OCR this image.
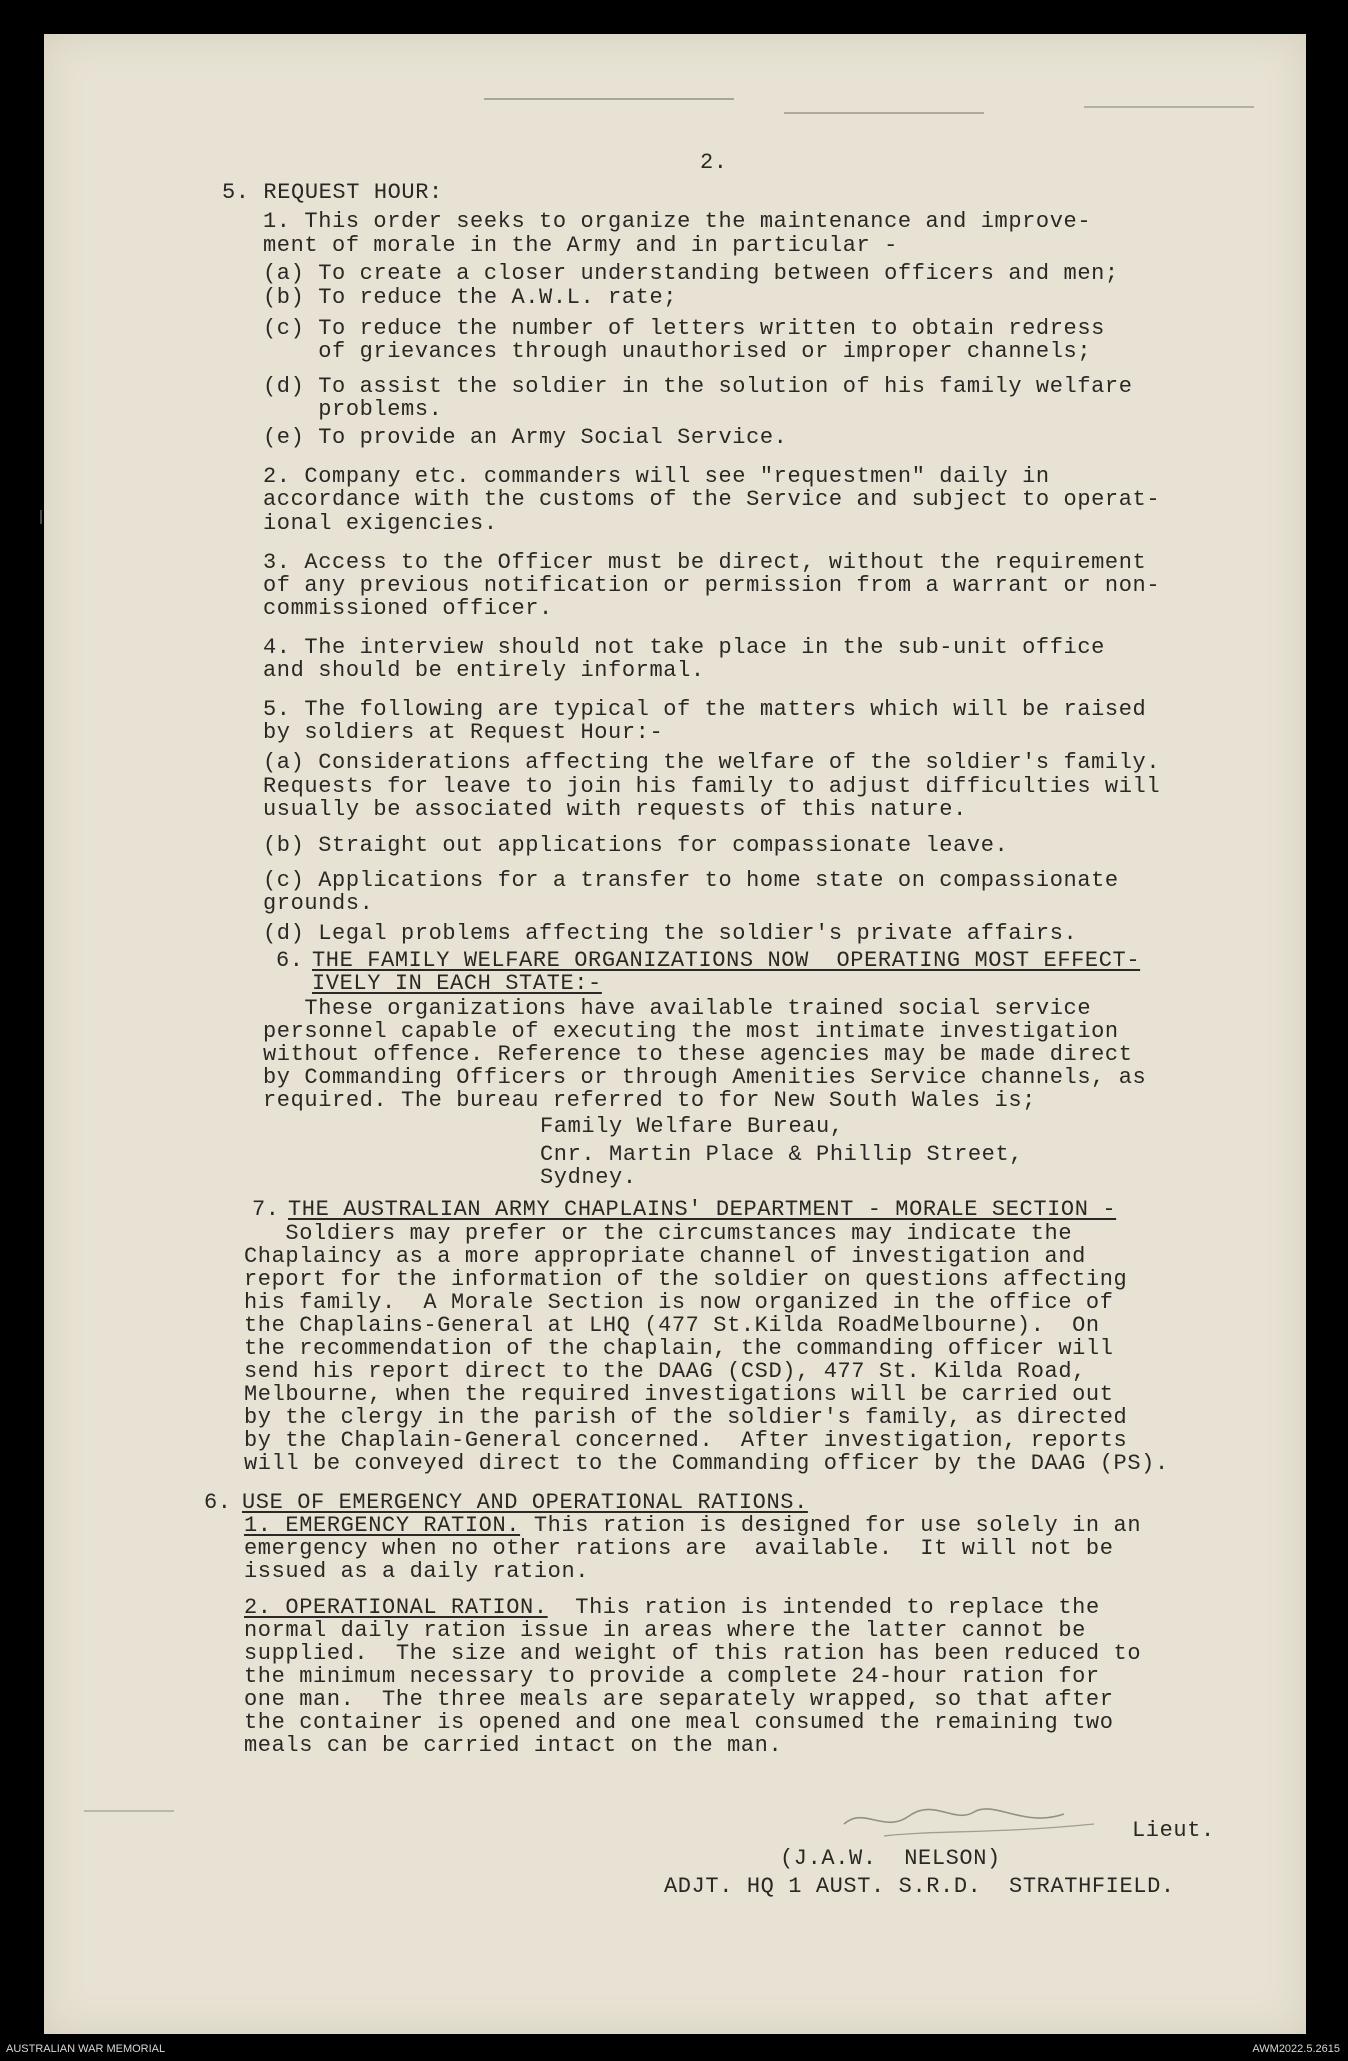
2.
5. REQUEST HOUR:
1. This order seeks to organize the maintenance and improve-
ment of morale in the Army and in particular -
(a) To create a closer understanding between officers and men;
(b) To reduce the A.W.L. rate;
(c) To reduce the number of letters written to obtain redress
of grievances through unauthorised or improper channels;
(d) To assist the soldier in the solution of his family welfare
problems.
(e) To provide an Army Social Service.
2. Company etc. commanders will see "requestmen" daily in
accordance with the customs of the Service and subject to operat-
ional exigencies.
3. Access to the Officer must be direct, without the requirement
of any previous notification or permission from a warrant or non-
commissioned officer.
4. The interview should not take place in the sub-unit office
and should be entirely informal.
5. The following are typical of the matters which will be raised
by soldiers at Request Hour:-
(a) Considerations affecting the welfare of the soldier's family.
Requests for leave to join his family to adjust difficulties will
usually be associated with requests of this nature.
(b) Straight out applications for compassionate leave.
(c) Applications for a transfer to home state on compassionate
grounds.
(d) Legal problems affecting the soldier's private affairs.
6. THE FAMILY WELFARE ORGANIZATIONS NOW  OPERATING MOST EFFECT-
IVELY IN EACH STATE:-
These organizations have available trained social service
personnel capable of executing the most intimate investigation
without offence. Reference to these agencies may be made direct
by Commanding Officers or through Amenities Service channels, as
required. The bureau referred to for New South Wales is;
Family Welfare Bureau,
Cnr. Martin Place & Phillip Street,
Sydney.
7. THE AUSTRALIAN ARMY CHAPLAINS' DEPARTMENT - MORALE SECTION -
Soldiers may prefer or the circumstances may indicate the
Chaplaincy as a more appropriate channel of investigation and
report for the information of the soldier on questions affecting
his family.  A Morale Section is now organized in the office of
the Chaplains-General at LHQ (477 St.Kilda RoadMelbourne).  On
the recommendation of the chaplain, the commanding officer will
send his report direct to the DAAG (CSD), 477 St. Kilda Road,
Melbourne, when the required investigations will be carried out
by the clergy in the parish of the soldier's family, as directed
by the Chaplain-General concerned.  After investigation, reports
will be conveyed direct to the Commanding officer by the DAAG (PS).
6. USE OF EMERGENCY AND OPERATIONAL RATIONS.
1. EMERGENCY RATION. This ration is designed for use solely in an
emergency when no other rations are  available.  It will not be
issued as a daily ration.
2. OPERATIONAL RATION.  This ration is intended to replace the
normal daily ration issue in areas where the latter cannot be
supplied.  The size and weight of this ration has been reduced to
the minimum necessary to provide a complete 24-hour ration for
one man.  The three meals are separately wrapped, so that after
the container is opened and one meal consumed the remaining two
meals can be carried intact on the man.
Lieut.
(J.A.W.  NELSON)
ADJT. HQ 1 AUST. S.R.D.  STRATHFIELD.
AUSTRALIAN WAR MEMORIAL	AWM2022.5.2615
